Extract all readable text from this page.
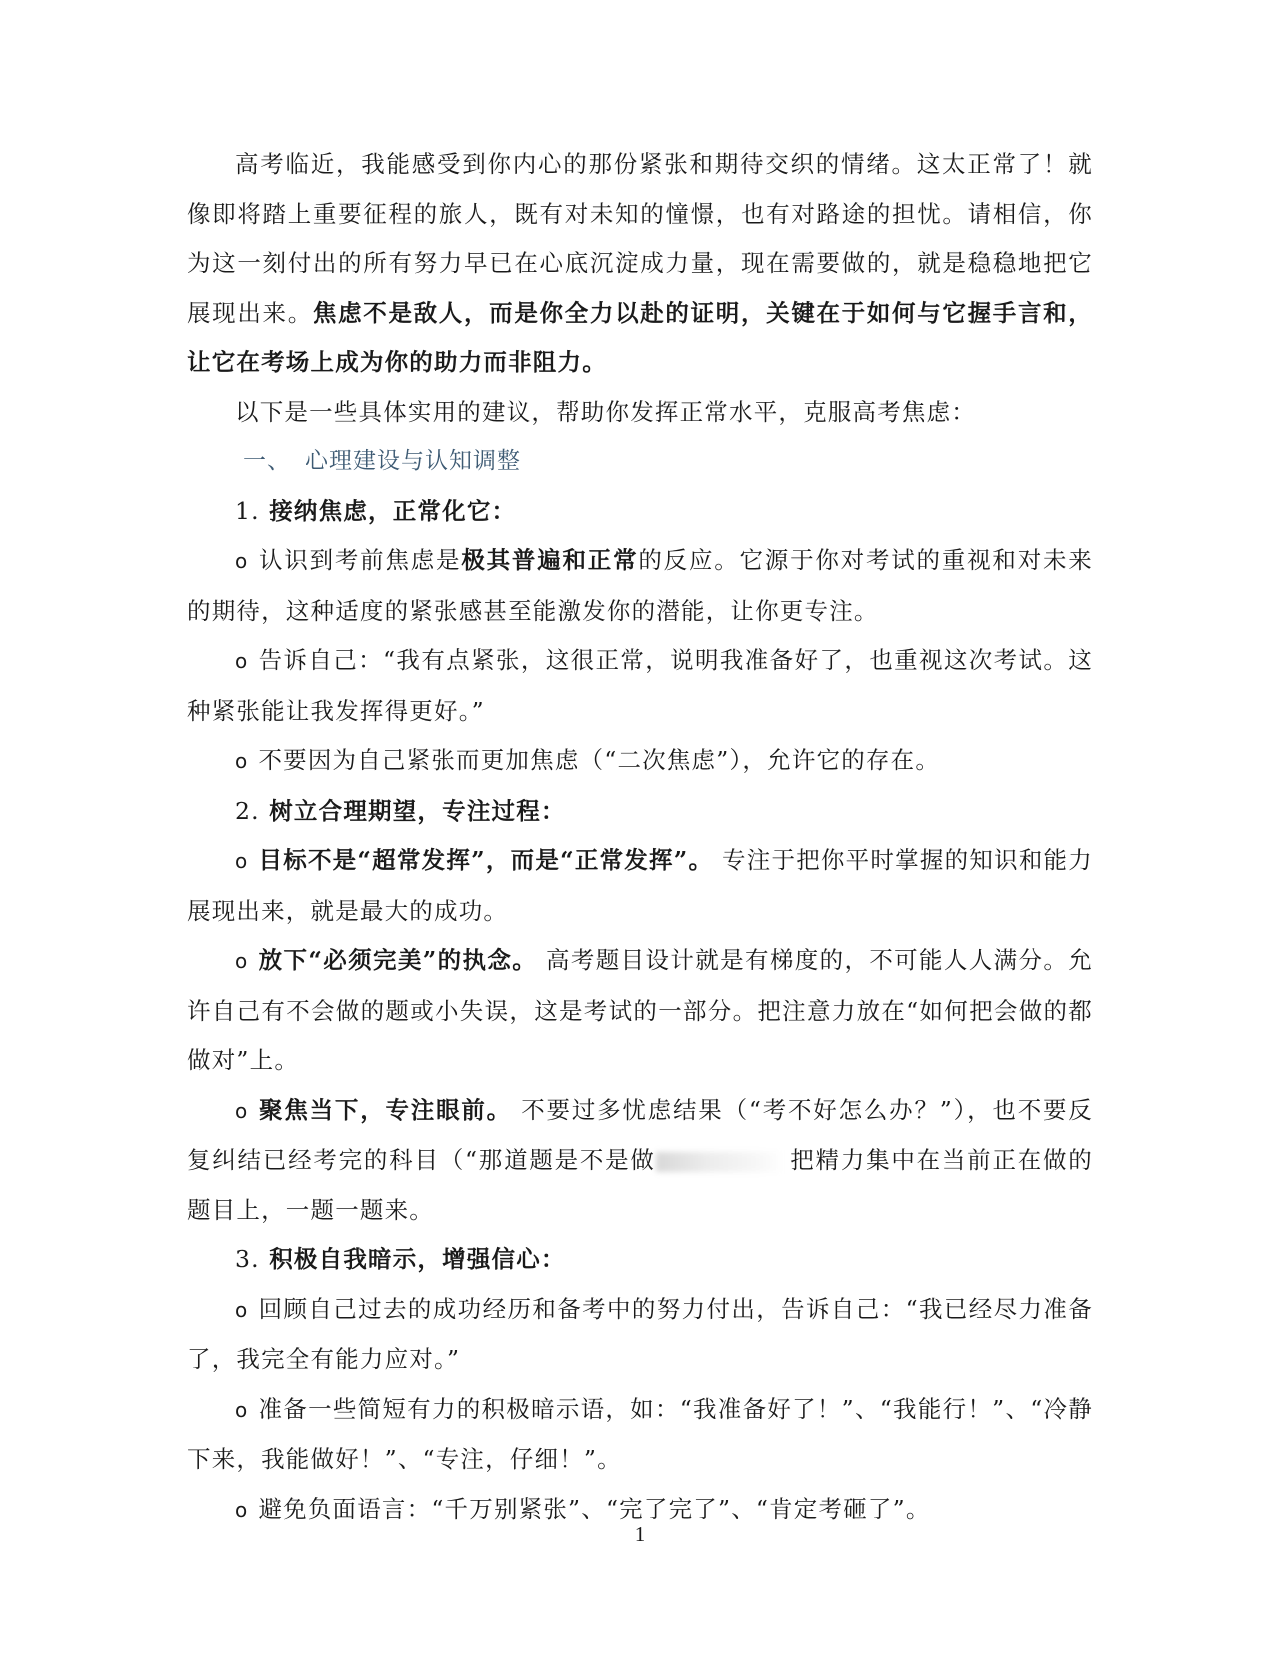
高考临近，我能感受到你内心的那份紧张和期待交织的情绪。这太正常了！就像即将踏上重要征程的旅人，既有对未知的憧憬，也有对路途的担忧。请相信，你为这一刻付出的所有努力早已在心底沉淀成力量，现在需要做的，就是稳稳地把它展现出来。焦虑不是敌人，而是你全力以赴的证明，关键在于如何与它握手言和，让它在考场上成为你的助力而非阻力。

以下是一些具体实用的建议，帮助你发挥正常水平，克服高考焦虑：

一、 心理建设与认知调整

1. 接纳焦虑，正常化它：

o 认识到考前焦虑是极其普遍和正常的反应。它源于你对考试的重视和对未来的期待，这种适度的紧张感甚至能激发你的潜能，让你更专注。

o 告诉自己：“我有点紧张，这很正常，说明我准备好了，也重视这次考试。这种紧张能让我发挥得更好。”

o 不要因为自己紧张而更加焦虑（“二次焦虑”），允许它的存在。

2. 树立合理期望，专注过程：

o 目标不是“超常发挥”，而是“正常发挥”。 专注于把你平时掌握的知识和能力展现出来，就是最大的成功。

o 放下“必须完美”的执念。 高考题目设计就是有梯度的，不可能人人满分。允许自己有不会做的题或小失误，这是考试的一部分。把注意力放在“如何把会做的都做对”上。

o 聚焦当下，专注眼前。 不要过多忧虑结果（“考不好怎么办？”），也不要反复纠结已经考完的科目（“那道题是不是做	把精力集中在当前正在做的题目上，一题一题来。

3. 积极自我暗示，增强信心：

o 回顾自己过去的成功经历和备考中的努力付出，告诉自己：“我已经尽力准备了，我完全有能力应对。”

o 准备一些简短有力的积极暗示语，如：“我准备好了！”、“我能行！”、“冷静下来，我能做好！”、“专注，仔细！”。

o 避免负面语言：“千万别紧张”、“完了完了”、“肯定考砸了”。

1
